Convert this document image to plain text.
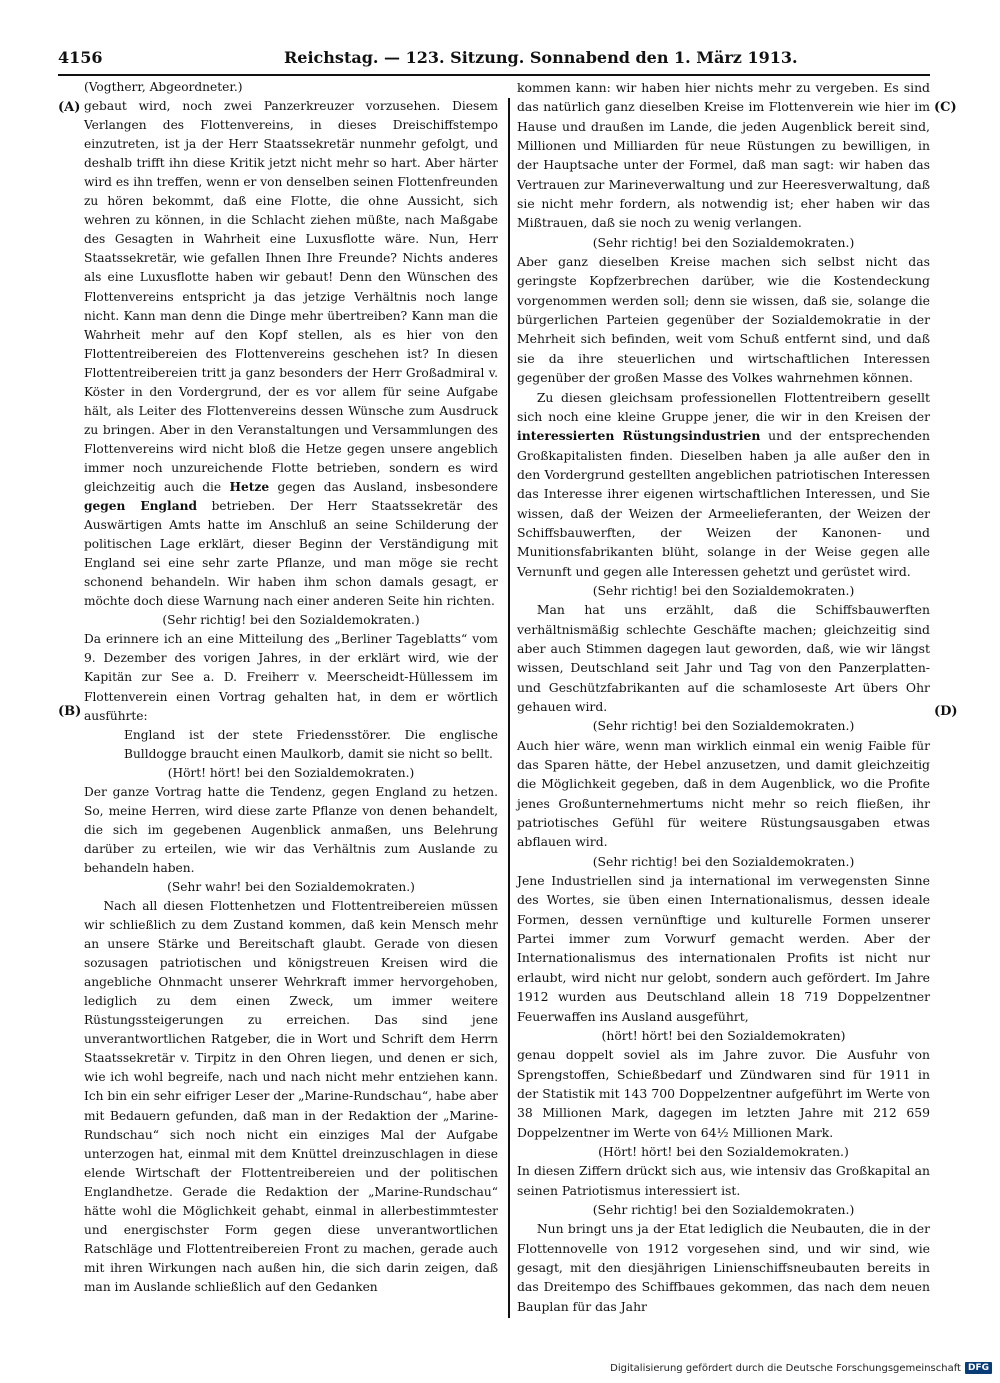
4156	Reichstag. — 123. Sitzung. Sonnabend den 1. März 1913.
(A)
(B)
(C)
(D)

(Vogtherr, Abgeordneter.)

gebaut wird, noch zwei Panzerkreuzer vorzusehen. Diesem Verlangen des Flottenvereins, in dieses Dreischiffstempo einzutreten, ist ja der Herr Staatssekretär nunmehr gefolgt, und deshalb trifft ihn diese Kritik jetzt nicht mehr so hart. Aber härter wird es ihn treffen, wenn er von denselben seinen Flottenfreunden zu hören bekommt, daß eine Flotte, die ohne Aussicht, sich wehren zu können, in die Schlacht ziehen müßte, nach Maßgabe des Gesagten in Wahrheit eine Luxusflotte wäre. Nun, Herr Staatssekretär, wie gefallen Ihnen Ihre Freunde? Nichts anderes als eine Luxusflotte haben wir gebaut! Denn den Wünschen des Flottenvereins entspricht ja das jetzige Verhältnis noch lange nicht. Kann man denn die Dinge mehr übertreiben? Kann man die Wahrheit mehr auf den Kopf stellen, als es hier von den Flottentreibereien des Flottenvereins geschehen ist? In diesen Flottentreibereien tritt ja ganz besonders der Herr Großadmiral v. Köster in den Vordergrund, der es vor allem für seine Aufgabe hält, als Leiter des Flottenvereins dessen Wünsche zum Ausdruck zu bringen. Aber in den Veranstaltungen und Versammlungen des Flottenvereins wird nicht bloß die Hetze gegen unsere angeblich immer noch unzureichende Flotte betrieben, sondern es wird gleichzeitig auch die Hetze gegen das Ausland, insbesondere gegen England betrieben. Der Herr Staatssekretär des Auswärtigen Amts hatte im Anschluß an seine Schilderung der politischen Lage erklärt, dieser Beginn der Verständigung mit England sei eine sehr zarte Pflanze, und man möge sie recht schonend behandeln. Wir haben ihm schon damals gesagt, er möchte doch diese Warnung nach einer anderen Seite hin richten.

(Sehr richtig! bei den Sozialdemokraten.)

Da erinnere ich an eine Mitteilung des „Berliner Tageblatts“ vom 9. Dezember des vorigen Jahres, in der erklärt wird, wie der Kapitän zur See a. D. Freiherr v. Meerscheidt-Hüllessem im Flottenverein einen Vortrag gehalten hat, in dem er wörtlich ausführte:

England ist der stete Friedensstörer. Die englische Bulldogge braucht einen Maulkorb, damit sie nicht so bellt.

(Hört! hört! bei den Sozialdemokraten.)

Der ganze Vortrag hatte die Tendenz, gegen England zu hetzen. So, meine Herren, wird diese zarte Pflanze von denen behandelt, die sich im gegebenen Augenblick anmaßen, uns Belehrung darüber zu erteilen, wie wir das Verhältnis zum Auslande zu behandeln haben.

(Sehr wahr! bei den Sozialdemokraten.)

Nach all diesen Flottenhetzen und Flottentreibereien müssen wir schließlich zu dem Zustand kommen, daß kein Mensch mehr an unsere Stärke und Bereitschaft glaubt. Gerade von diesen sozusagen patriotischen und königstreuen Kreisen wird die angebliche Ohnmacht unserer Wehrkraft immer hervorgehoben, lediglich zu dem einen Zweck, um immer weitere Rüstungssteigerungen zu erreichen. Das sind jene unverantwortlichen Ratgeber, die in Wort und Schrift dem Herrn Staatssekretär v. Tirpitz in den Ohren liegen, und denen er sich, wie ich wohl begreife, nach und nach nicht mehr entziehen kann. Ich bin ein sehr eifriger Leser der „Marine-Rundschau“, habe aber mit Bedauern gefunden, daß man in der Redaktion der „Marine-Rundschau“ sich noch nicht ein einziges Mal der Aufgabe unterzogen hat, einmal mit dem Knüttel dreinzuschlagen in diese elende Wirtschaft der Flottentreibereien und der politischen Englandhetze. Gerade die Redaktion der „Marine-Rundschau“ hätte wohl die Möglichkeit gehabt, einmal in allerbestimmtester und energischster Form gegen diese unverantwortlichen Ratschläge und Flottentreibereien Front zu machen, gerade auch mit ihren Wirkungen nach außen hin, die sich darin zeigen, daß man im Auslande schließlich auf den Gedanken

kommen kann: wir haben hier nichts mehr zu vergeben. Es sind das natürlich ganz dieselben Kreise im Flottenverein wie hier im Hause und draußen im Lande, die jeden Augenblick bereit sind, Millionen und Milliarden für neue Rüstungen zu bewilligen, in der Hauptsache unter der Formel, daß man sagt: wir haben das Vertrauen zur Marineverwaltung und zur Heeresverwaltung, daß sie nicht mehr fordern, als notwendig ist; eher haben wir das Mißtrauen, daß sie noch zu wenig verlangen.

(Sehr richtig! bei den Sozialdemokraten.)

Aber ganz dieselben Kreise machen sich selbst nicht das geringste Kopfzerbrechen darüber, wie die Kostendeckung vorgenommen werden soll; denn sie wissen, daß sie, solange die bürgerlichen Parteien gegenüber der Sozialdemokratie in der Mehrheit sich befinden, weit vom Schuß entfernt sind, und daß sie da ihre steuerlichen und wirtschaftlichen Interessen gegenüber der großen Masse des Volkes wahrnehmen können.

Zu diesen gleichsam professionellen Flottentreibern gesellt sich noch eine kleine Gruppe jener, die wir in den Kreisen der interessierten Rüstungsindustrien und der entsprechenden Großkapitalisten finden. Dieselben haben ja alle außer den in den Vordergrund gestellten angeblichen patriotischen Interessen das Interesse ihrer eigenen wirtschaftlichen Interessen, und Sie wissen, daß der Weizen der Armeelieferanten, der Weizen der Schiffsbauwerften, der Weizen der Kanonen- und Munitionsfabrikanten blüht, solange in der Weise gegen alle Vernunft und gegen alle Interessen gehetzt und gerüstet wird.

(Sehr richtig! bei den Sozialdemokraten.)

Man hat uns erzählt, daß die Schiffsbauwerften verhältnismäßig schlechte Geschäfte machen; gleichzeitig sind aber auch Stimmen dagegen laut geworden, daß, wie wir längst wissen, Deutschland seit Jahr und Tag von den Panzerplatten- und Geschützfabrikanten auf die schamloseste Art übers Ohr gehauen wird.

(Sehr richtig! bei den Sozialdemokraten.)

Auch hier wäre, wenn man wirklich einmal ein wenig Faible für das Sparen hätte, der Hebel anzusetzen, und damit gleichzeitig die Möglichkeit gegeben, daß in dem Augenblick, wo die Profite jenes Großunternehmertums nicht mehr so reich fließen, ihr patriotisches Gefühl für weitere Rüstungsausgaben etwas abflauen wird.

(Sehr richtig! bei den Sozialdemokraten.)

Jene Industriellen sind ja international im verwegensten Sinne des Wortes, sie üben einen Internationalismus, dessen ideale Formen, dessen vernünftige und kulturelle Formen unserer Partei immer zum Vorwurf gemacht werden. Aber der Internationalismus des internationalen Profits ist nicht nur erlaubt, wird nicht nur gelobt, sondern auch gefördert. Im Jahre 1912 wurden aus Deutschland allein 18 719 Doppelzentner Feuerwaffen ins Ausland ausgeführt,

(hört! hört! bei den Sozialdemokraten)

genau doppelt soviel als im Jahre zuvor. Die Ausfuhr von Sprengstoffen, Schießbedarf und Zündwaren sind für 1911 in der Statistik mit 143 700 Doppelzentner aufgeführt im Werte von 38 Millionen Mark, dagegen im letzten Jahre mit 212 659 Doppelzentner im Werte von 64½ Millionen Mark.

(Hört! hört! bei den Sozialdemokraten.)

In diesen Ziffern drückt sich aus, wie intensiv das Großkapital an seinen Patriotismus interessiert ist.

(Sehr richtig! bei den Sozialdemokraten.)

Nun bringt uns ja der Etat lediglich die Neubauten, die in der Flottennovelle von 1912 vorgesehen sind, und wir sind, wie gesagt, mit den diesjährigen Linienschiffsneubauten bereits in das Dreitempo des Schiffbaues gekommen, das nach dem neuen Bauplan für das Jahr

Digitalisierung gefördert durch die Deutsche Forschungsgemeinschaft DFG
